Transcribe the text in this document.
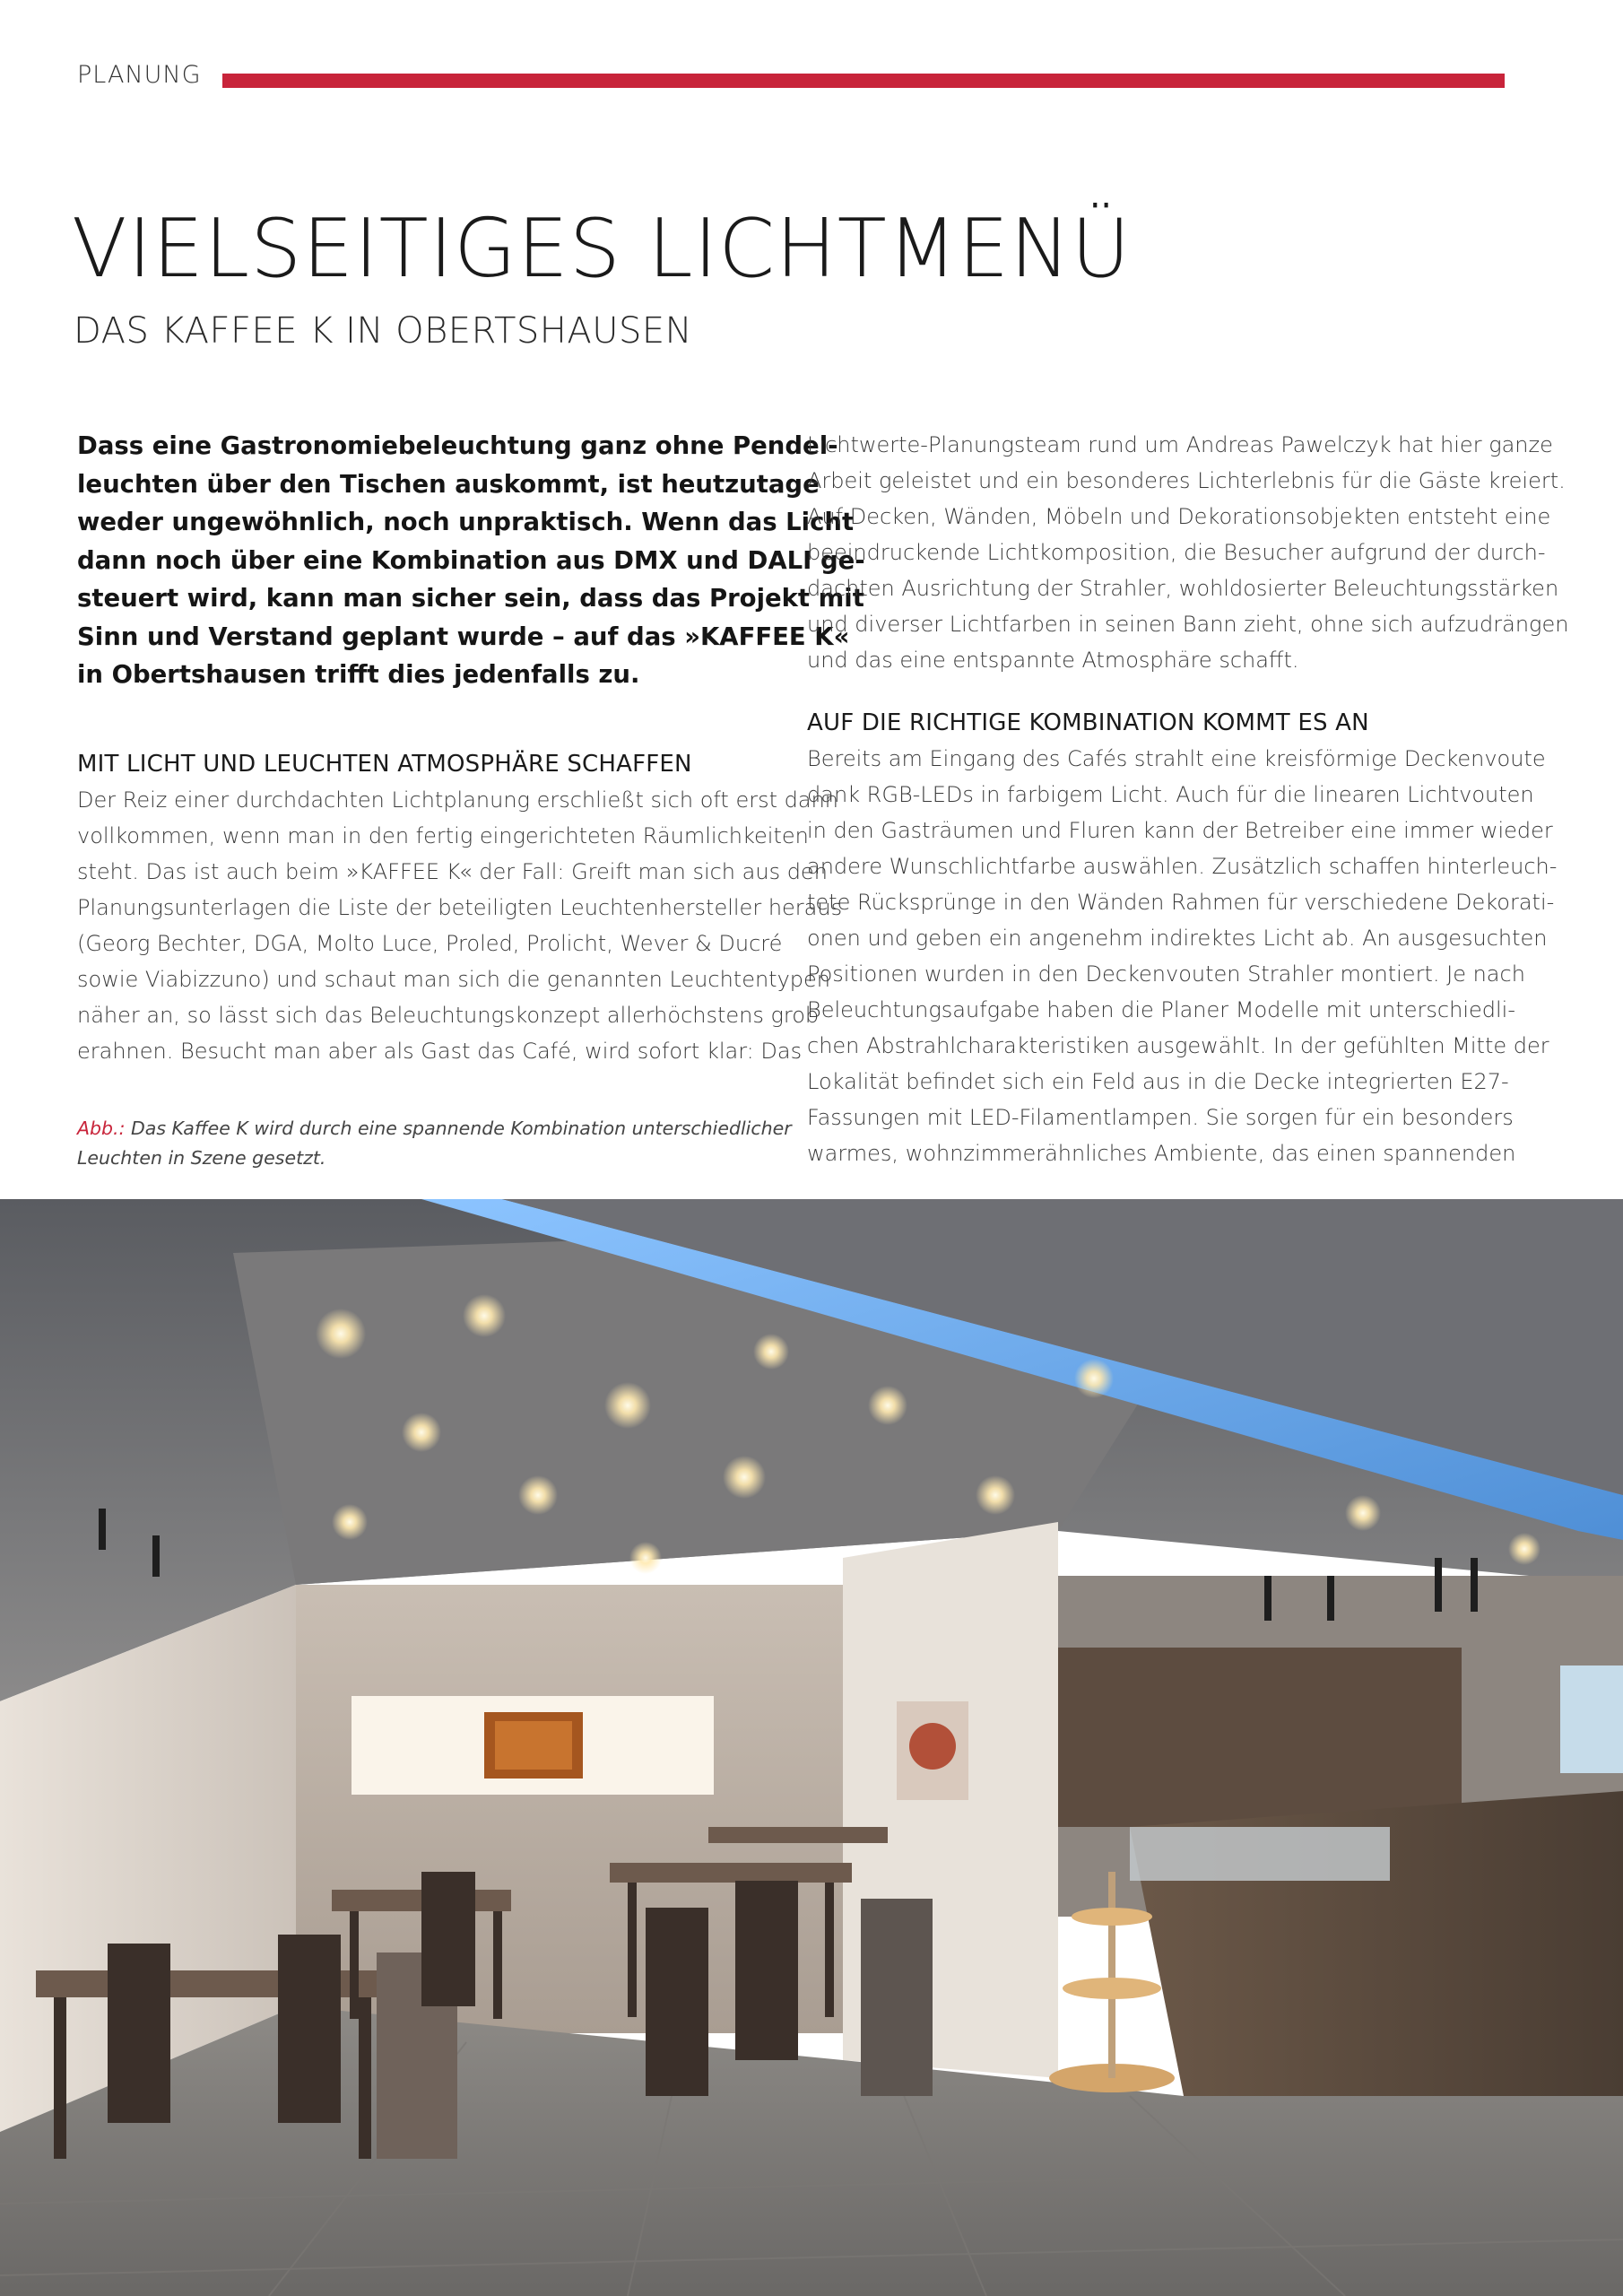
PLANUNG
VIELSEITIGES LICHTMENÜ
DAS KAFFEE K IN OBERTSHAUSEN

Dass eine Gastronomiebeleuchtung ganz ohne Pendel-
leuchten über den Tischen auskommt, ist heutzutage
weder ungewöhnlich, noch unpraktisch. Wenn das Licht
dann noch über eine Kombination aus DMX und DALI ge-
steuert wird, kann man sicher sein, dass das Projekt mit
Sinn und Verstand geplant wurde – auf das »KAFFEE K«
in Obertshausen trifft dies jedenfalls zu.

MIT LICHT UND LEUCHTEN ATMOSPHÄRE SCHAFFEN

Der Reiz einer durchdachten Lichtplanung erschließt sich oft erst dann
vollkommen, wenn man in den fertig eingerichteten Räumlichkeiten
steht. Das ist auch beim »KAFFEE K« der Fall: Greift man sich aus den
Planungsunterlagen die Liste der beteiligten Leuchtenhersteller heraus
(Georg Bechter, DGA, Molto Luce, Proled, Prolicht, Wever & Ducré
sowie Viabizzuno) und schaut man sich die genannten Leuchtentypen
näher an, so lässt sich das Beleuchtungskonzept allerhöchstens grob
erahnen. Besucht man aber als Gast das Café, wird sofort klar: Das

Abb.: Das Kaffee K wird durch eine spannende Kombination unterschiedlicher
Leuchten in Szene gesetzt.

Lichtwerte-Planungsteam rund um Andreas Pawelczyk hat hier ganze
Arbeit geleistet und ein besonderes Lichterlebnis für die Gäste kreiert.
Auf Decken, Wänden, Möbeln und Dekorationsobjekten entsteht eine
beeindruckende Lichtkomposition, die Besucher aufgrund der durch-
dachten Ausrichtung der Strahler, wohldosierter Beleuchtungsstärken
und diverser Lichtfarben in seinen Bann zieht, ohne sich aufzudrängen
und das eine entspannte Atmosphäre schafft.

AUF DIE RICHTIGE KOMBINATION KOMMT ES AN

Bereits am Eingang des Cafés strahlt eine kreisförmige Deckenvoute
dank RGB-LEDs in farbigem Licht. Auch für die linearen Lichtvouten
in den Gasträumen und Fluren kann der Betreiber eine immer wieder
andere Wunschlichtfarbe auswählen. Zusätzlich schaffen hinterleuch-
tete Rücksprünge in den Wänden Rahmen für verschiedene Dekorati-
onen und geben ein angenehm indirektes Licht ab. An ausgesuchten
Positionen wurden in den Deckenvouten Strahler montiert. Je nach
Beleuchtungsaufgabe haben die Planer Modelle mit unterschiedli-
chen Abstrahlcharakteristiken ausgewählt. In der gefühlten Mitte der
Lokalität befindet sich ein Feld aus in die Decke integrierten E27-
Fassungen mit LED-Filamentlampen. Sie sorgen für ein besonders
warmes, wohnzimmerähnliches Ambiente, das einen spannenden
